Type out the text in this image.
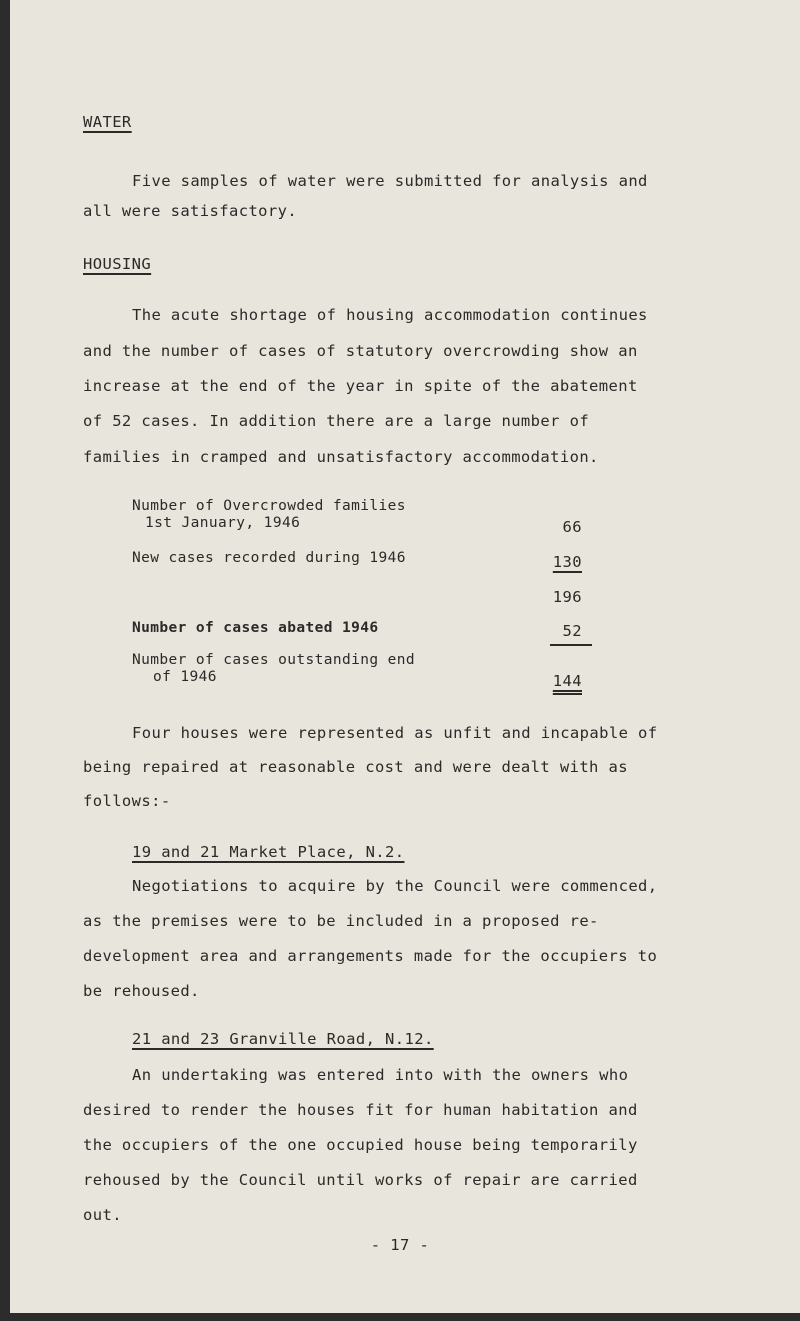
WATER
Five samples of water were submitted for analysis and
all were satisfactory.
HOUSING
The acute shortage of housing accommodation continues
and the number of cases of statutory overcrowding show an
increase at the end of the year in spite of the abatement
of 52 cases. In addition there are a large number of
families in cramped and unsatisfactory accommodation.
Number of Overcrowded families
1st January, 1946	66
New cases recorded during 1946	130
196
Number of cases abated 1946	52
Number of cases outstanding end
of 1946	144
Four houses were represented as unfit and incapable of
being repaired at reasonable cost and were dealt with as
follows:-
19 and 21 Market Place, N.2.
Negotiations to acquire by the Council were commenced,
as the premises were to be included in a proposed re-
development area and arrangements made for the occupiers to
be rehoused.
21 and 23 Granville Road, N.12.
An undertaking was entered into with the owners who
desired to render the houses fit for human habitation and
the occupiers of the one occupied house being temporarily
rehoused by the Council until works of repair are carried
out.
- 17 -
